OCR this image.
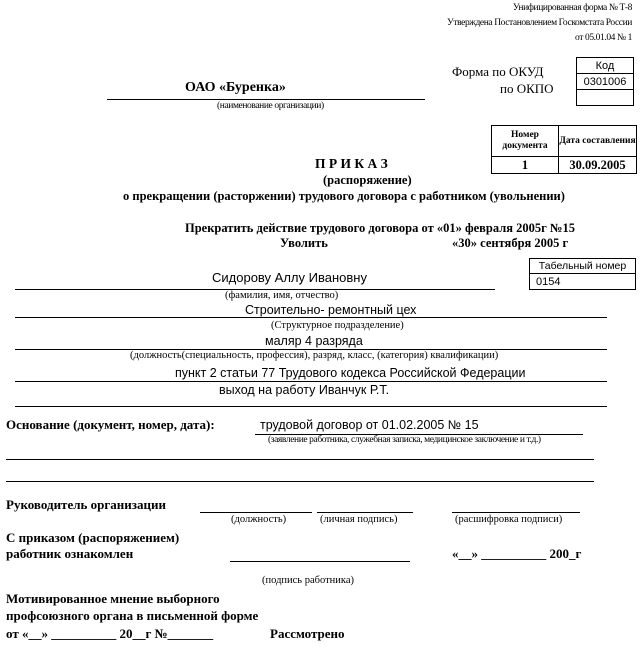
Унифицированная форма № Т-8
Утверждена Постановлением Госкомстата России
от 05.01.04 № 1
Форма по ОКУД
по ОКПО
Код
0301006

ОАО «Буренка»
(наименование организации)
Номер документа	Дата составления
1	30.09.2005
П Р И К А З
(распоряжение)
о прекращении (расторжении) трудового договора с работником (увольнении)
Прекратить действие трудового договора от «01» февраля 2005г №15
Уволить	«30» сентября 2005 г
Табельный номер
0154
Сидорову Аллу Ивановну
(фамилия, имя, отчество)
Строительно- ремонтный цех
(Структурное подразделение)
маляр 4 разряда
(должность(специальность, профессия), разряд, класс, (категория) квалификации)
пункт 2 статьи 77 Трудового кодекса Российской Федерации
выход на работу Иванчук Р.Т.
Основание (документ, номер, дата):	трудовой договор от 01.02.2005 № 15
(заявление работника, служебная записка, медицинское заключение и т.д.)
Руководитель организации
(должность)	(личная подпись)	(расшифровка подписи)
С приказом (распоряжением)
работник ознакомлен	«__» __________ 200_г
(подпись работника)
Мотивированное мнение выборного
профсоюзного органа в письменной форме
от «__» __________ 20__г №_______	Рассмотрено
